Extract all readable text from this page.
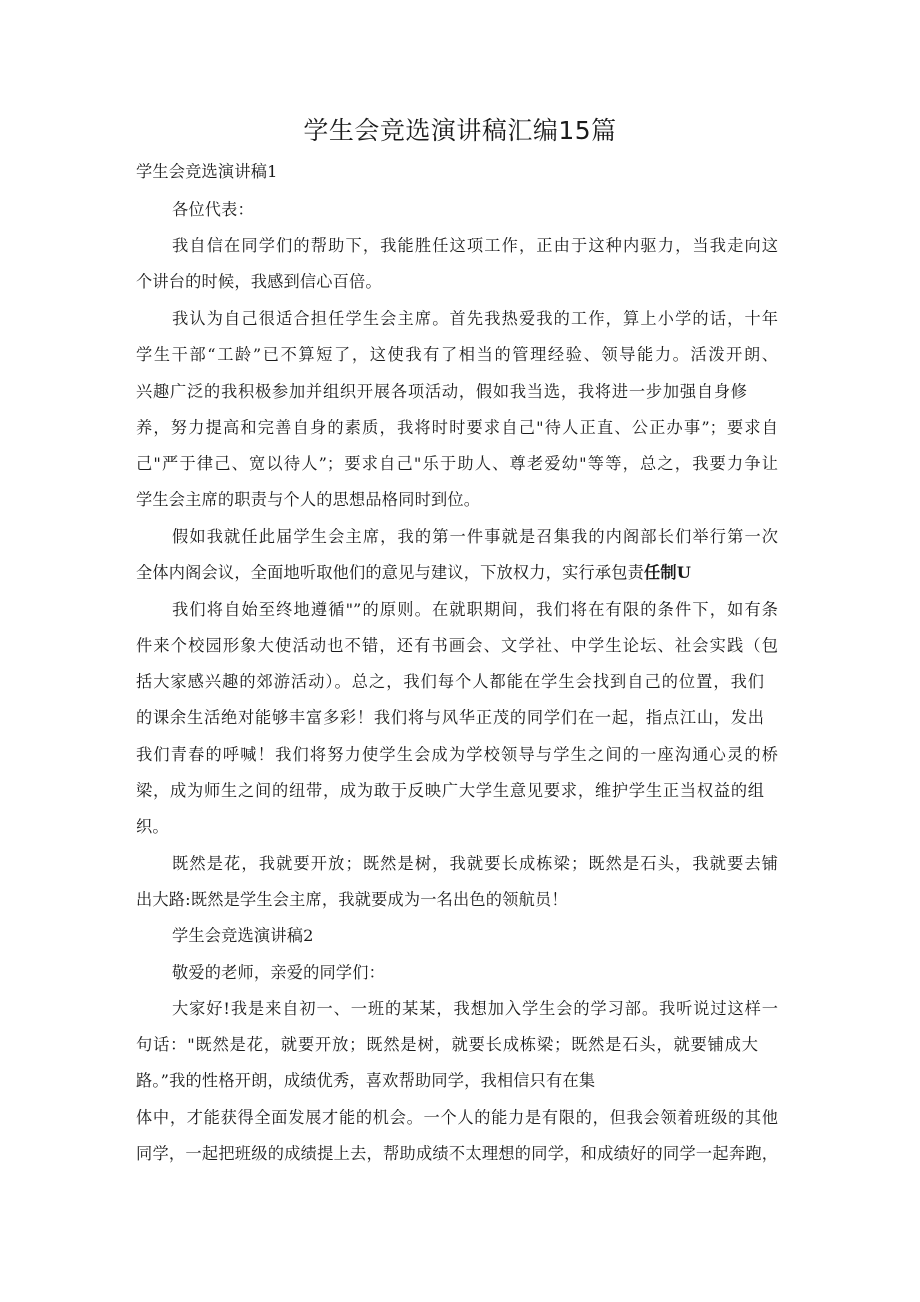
学生会竞选演讲稿汇编15篇
学生会竞选演讲稿1
各位代表：
我自信在同学们的帮助下，我能胜任这项工作，正由于这种内驱力，当我走向这
个讲台的时候，我感到信心百倍。
我认为自己很适合担任学生会主席。首先我热爱我的工作，算上小学的话，十年
学生干部“工龄”已不算短了，这使我有了相当的管理经验、领导能力。活泼开朗、
兴趣广泛的我积极参加并组织开展各项活动，假如我当选，我将进一步加强自身修
养，努力提高和完善自身的素质，我将时时要求自己"待人正直、公正办事”；要求自
己"严于律己、宽以待人”；要求自己"乐于助人、尊老爱幼"等等，总之，我要力争让
学生会主席的职责与个人的思想品格同时到位。
假如我就任此届学生会主席，我的第一件事就是召集我的内阁部长们举行第一次
全体内阁会议，全面地听取他们的意见与建议，下放权力，实行承包责任制U
我们将自始至终地遵循"”的原则。在就职期间，我们将在有限的条件下，如有条
件来个校园形象大使活动也不错，还有书画会、文学社、中学生论坛、社会实践（包
括大家感兴趣的郊游活动）。总之，我们每个人都能在学生会找到自己的位置，我们
的课余生活绝对能够丰富多彩！我们将与风华正茂的同学们在一起，指点江山，发出
我们青春的呼喊！我们将努力使学生会成为学校领导与学生之间的一座沟通心灵的桥
梁，成为师生之间的纽带，成为敢于反映广大学生意见要求，维护学生正当权益的组
织。
既然是花，我就要开放；既然是树，我就要长成栋梁；既然是石头，我就要去铺
出大路:既然是学生会主席，我就要成为一名出色的领航员！
学生会竞选演讲稿2
敬爱的老师，亲爱的同学们：
大家好!我是来自初一、一班的某某，我想加入学生会的学习部。我听说过这样一
句话："既然是花，就要开放；既然是树，就要长成栋梁；既然是石头，就要铺成大
路。”我的性格开朗，成绩优秀，喜欢帮助同学，我相信只有在集
体中，才能获得全面发展才能的机会。一个人的能力是有限的，但我会领着班级的其他
同学，一起把班级的成绩提上去，帮助成绩不太理想的同学，和成绩好的同学一起奔跑，
